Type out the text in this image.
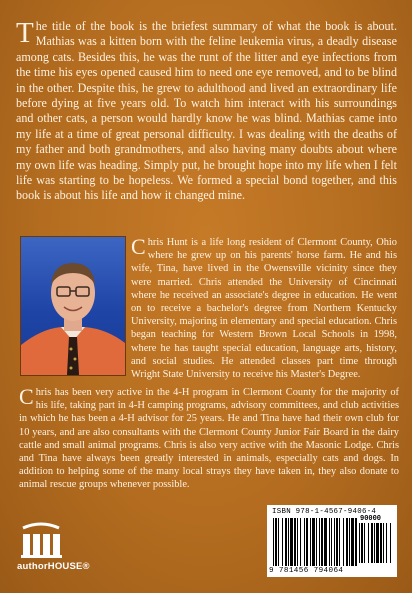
The title of the book is the briefest summary of what the book is about. Mathias was a kitten born with the feline leukemia virus, a deadly disease among cats. Besides this, he was the runt of the litter and eye infections from the time his eyes opened caused him to need one eye removed, and to be blind in the other. Despite this, he grew to adulthood and lived an extraordinary life before dying at five years old. To watch him interact with his surroundings and other cats, a person would hardly know he was blind. Mathias came into my life at a time of great personal difficulty. I was dealing with the deaths of my father and both grandmothers, and also having many doubts about where my own life was heading. Simply put, he brought hope into my life when I felt life was starting to be hopeless. We formed a special bond together, and this book is about his life and how it changed mine.

Chris Hunt is a life long resident of Clermont County, Ohio where he grew up on his parents' horse farm. He and his wife, Tina, have lived in the Owensville vicinity since they were married. Chris attended the University of Cincinnati where he received an associate's degree in education. He went on to receive a bachelor's degree from Northern Kentucky University, majoring in elementary and special education. Chris began teaching for Western Brown Local Schools in 1998, where he has taught special education, language arts, history, and social studies. He attended classes part time through Wright State University to receive his Master's Degree.

Chris has been very active in the 4-H program in Clermont County for the majority of his life, taking part in 4-H camping programs, advisory committees, and club activities in which he has been a 4-H advisor for 25 years. He and Tina have had their own club for 10 years, and are also consultants with the Clermont County Junior Fair Board in the dairy cattle and small animal programs. Chris is also very active with the Masonic Lodge. Chris and Tina have always been greatly interested in animals, especially cats and dogs. In addition to helping some of the many local strays they have taken in, they also donate to animal rescue groups whenever possible.

authorHOUSE®
ISBN 978-1-4567-9406-4
90000
9 781456 794064
